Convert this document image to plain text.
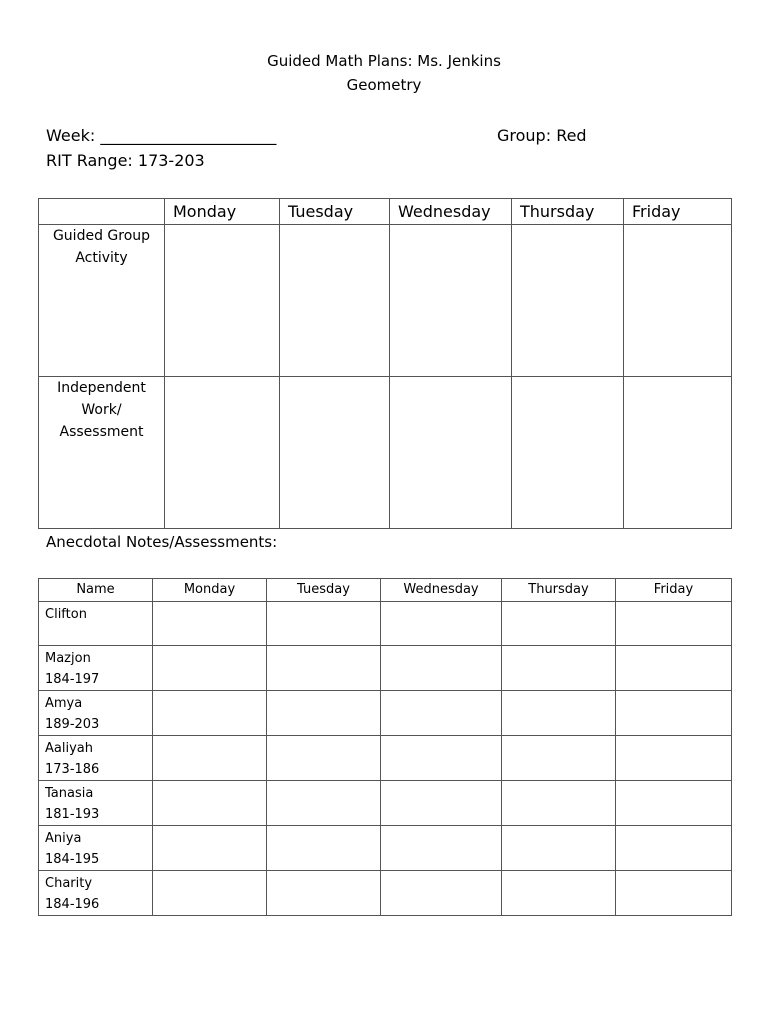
Guided Math Plans: Ms. Jenkins
Geometry
Week: ______________________	Group: Red
RIT Range: 173-203
	Monday	Tuesday	Wednesday	Thursday	Friday

Guided Group
Activity					

Independent
Work/
Assessment					

Anecdotal Notes/Assessments:
Name	Monday	Tuesday	Wednesday	Thursday	Friday

Clifton					

Mazjon
184-197					

Amya
189-203					

Aaliyah
173-186					

Tanasia
181-193					

Aniya
184-195					

Charity
184-196					
